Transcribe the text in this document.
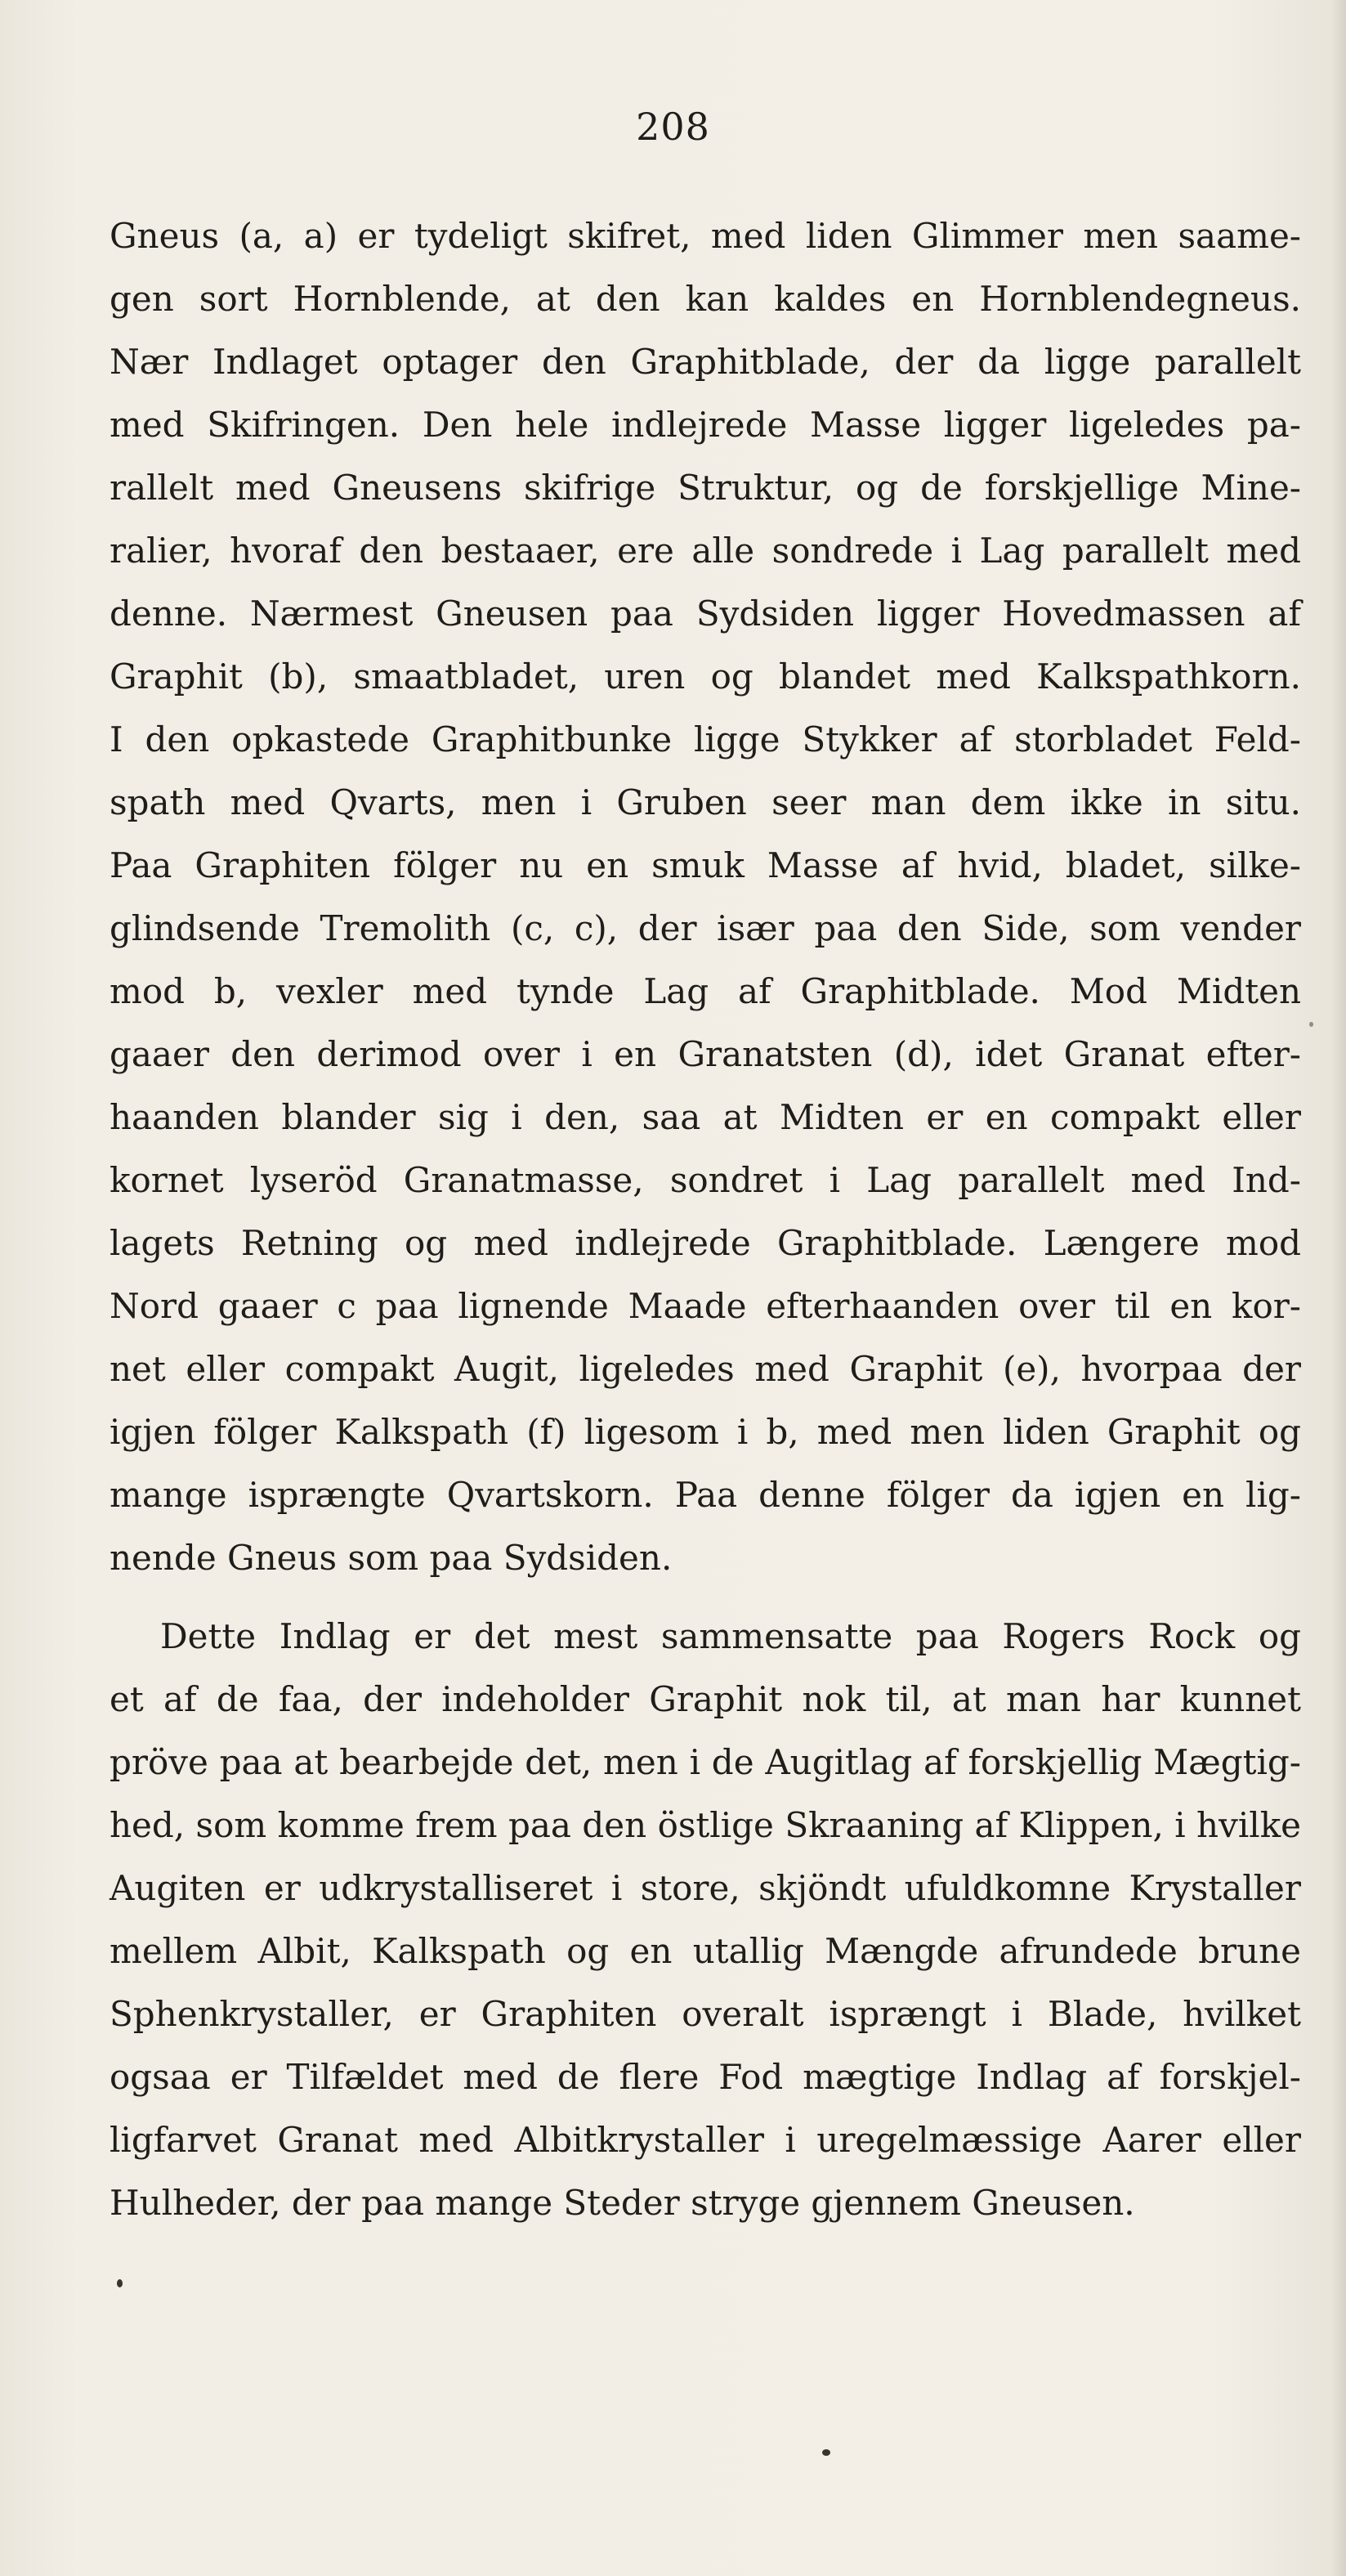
208
Gneus (a, a) er tydeligt skifret, med liden Glimmer men saame-
gen sort Hornblende, at den kan kaldes en Hornblendegneus.
Nær Indlaget optager den Graphitblade, der da ligge parallelt
med Skifringen. Den hele indlejrede Masse ligger ligeledes pa-
rallelt med Gneusens skifrige Struktur, og de forskjellige Mine-
ralier, hvoraf den bestaaer, ere alle sondrede i Lag parallelt med
denne. Nærmest Gneusen paa Sydsiden ligger Hovedmassen af
Graphit (b), smaatbladet, uren og blandet med Kalkspathkorn.
I den opkastede Graphitbunke ligge Stykker af storbladet Feld-
spath med Qvarts, men i Gruben seer man dem ikke in situ.
Paa Graphiten fölger nu en smuk Masse af hvid, bladet, silke-
glindsende Tremolith (c, c), der især paa den Side, som vender
mod b, vexler med tynde Lag af Graphitblade. Mod Midten
gaaer den derimod over i en Granatsten (d), idet Granat efter-
haanden blander sig i den, saa at Midten er en compakt eller
kornet lyseröd Granatmasse, sondret i Lag parallelt med Ind-
lagets Retning og med indlejrede Graphitblade. Længere mod
Nord gaaer c paa lignende Maade efterhaanden over til en kor-
net eller compakt Augit, ligeledes med Graphit (e), hvorpaa der
igjen fölger Kalkspath (f) ligesom i b, med men liden Graphit og
mange isprængte Qvartskorn. Paa denne fölger da igjen en lig-
nende Gneus som paa Sydsiden.
Dette Indlag er det mest sammensatte paa Rogers Rock og
et af de faa, der indeholder Graphit nok til, at man har kunnet
pröve paa at bearbejde det, men i de Augitlag af forskjellig Mægtig-
hed, som komme frem paa den östlige Skraaning af Klippen, i hvilke
Augiten er udkrystalliseret i store, skjöndt ufuldkomne Krystaller
mellem Albit, Kalkspath og en utallig Mængde afrundede brune
Sphenkrystaller, er Graphiten overalt isprængt i Blade, hvilket
ogsaa er Tilfældet med de flere Fod mægtige Indlag af forskjel-
ligfarvet Granat med Albitkrystaller i uregelmæssige Aarer eller
Hulheder, der paa mange Steder stryge gjennem Gneusen.
